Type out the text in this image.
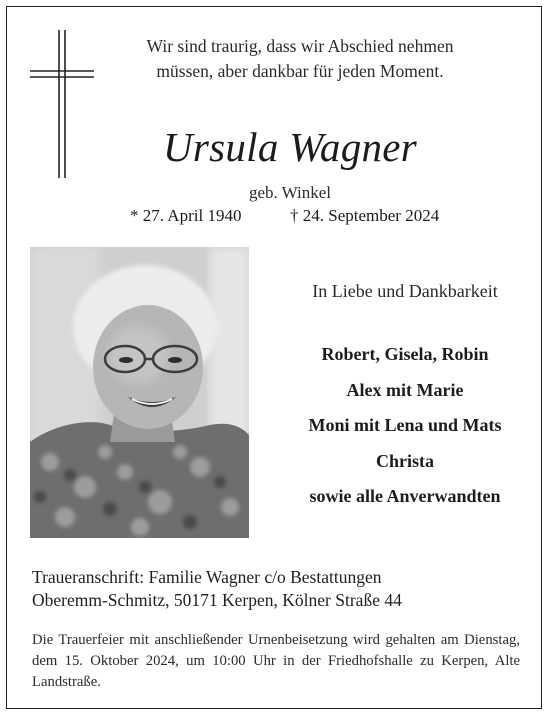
Wir sind traurig, dass wir Abschied nehmen
müssen, aber dankbar für jeden Moment.
Ursula Wagner
geb. Winkel
* 27. April 1940	† 24. September 2024
In Liebe und Dankbarkeit
Robert, Gisela, Robin
Alex mit Marie
Moni mit Lena und Mats
Christa
sowie alle Anverwandten
Traueranschrift: Familie Wagner c/o Bestattungen
Oberemm-Schmitz, 50171 Kerpen, Kölner Straße 44
Die Trauerfeier mit anschließender Urnenbeisetzung wird gehalten am Dienstag, dem 15. Oktober 2024, um 10:00 Uhr in der Friedhofshalle zu Kerpen, Alte Landstraße.
